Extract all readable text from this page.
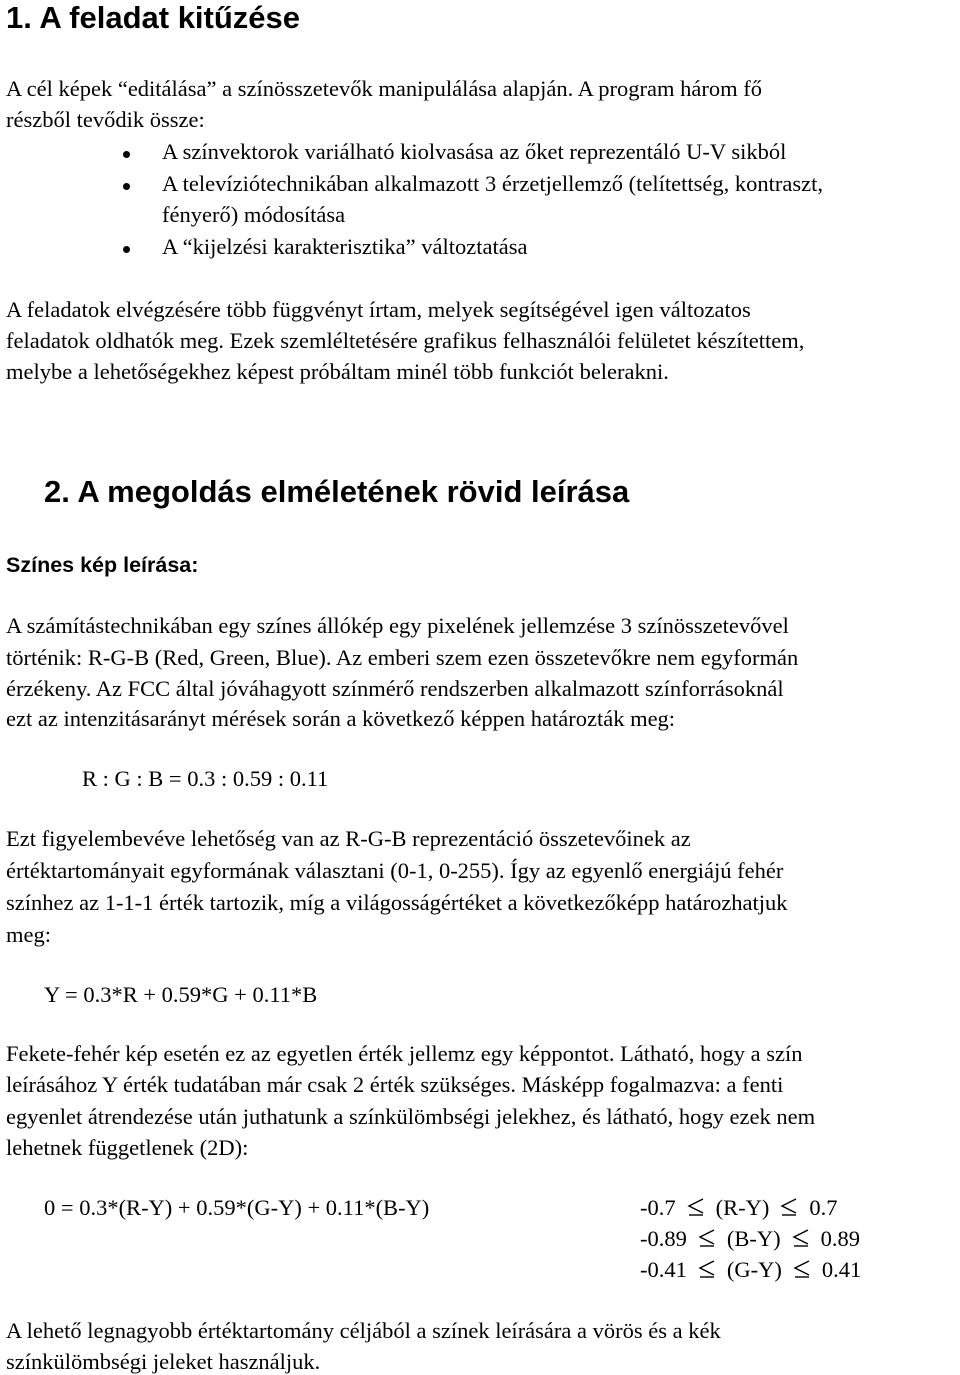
1. A feladat kitűzése
A cél képek “editálása” a színösszetevők manipulálása alapján. A program három fő
részből tevődik össze:
A színvektorok variálható kiolvasása az őket reprezentáló U-V sikból
A televíziótechnikában alkalmazott 3 érzetjellemző (telítettség, kontraszt,
fényerő) módosítása
A “kijelzési karakterisztika” változtatása
A feladatok elvégzésére több függvényt írtam, melyek segítségével igen változatos
feladatok oldhatók meg. Ezek szemléltetésére grafikus felhasználói felületet készítettem,
melybe a lehetőségekhez képest próbáltam minél több funkciót belerakni.
2. A megoldás elméletének rövid leírása
Színes kép leírása:
A számítástechnikában egy színes állókép egy pixelének jellemzése 3 színösszetevővel
történik: R-G-B (Red, Green, Blue). Az emberi szem ezen összetevőkre nem egyformán
érzékeny. Az FCC által jóváhagyott színmérő rendszerben alkalmazott színforrásoknál
ezt az intenzitásarányt mérések során a következő képpen határozták meg:
R : G : B = 0.3 : 0.59 : 0.11
Ezt figyelembevéve lehetőség van az R-G-B reprezentáció összetevőinek az
értéktartományait egyformának választani (0-1, 0-255). Így az egyenlő energiájú fehér
színhez az 1-1-1 érték tartozik, míg a világosságértéket a következőképp határozhatjuk
meg:
Y = 0.3*R + 0.59*G + 0.11*B
Fekete-fehér kép esetén ez az egyetlen érték jellemz egy képpontot. Látható, hogy a szín
leírásához Y érték tudatában már csak 2 érték szükséges. Másképp fogalmazva: a fenti
egyenlet átrendezése után juthatunk a színkülömbségi jelekhez, és látható, hogy ezek nem
lehetnek függetlenek (2D):
0 = 0.3*(R-Y) + 0.59*(G-Y) + 0.11*(B-Y)	-0.7 (R-Y) 0.7
-0.89 (B-Y) 0.89
-0.41 (G-Y) 0.41
A lehető legnagyobb értéktartomány céljából a színek leírására a vörös és a kék
színkülömbségi jeleket használjuk.
